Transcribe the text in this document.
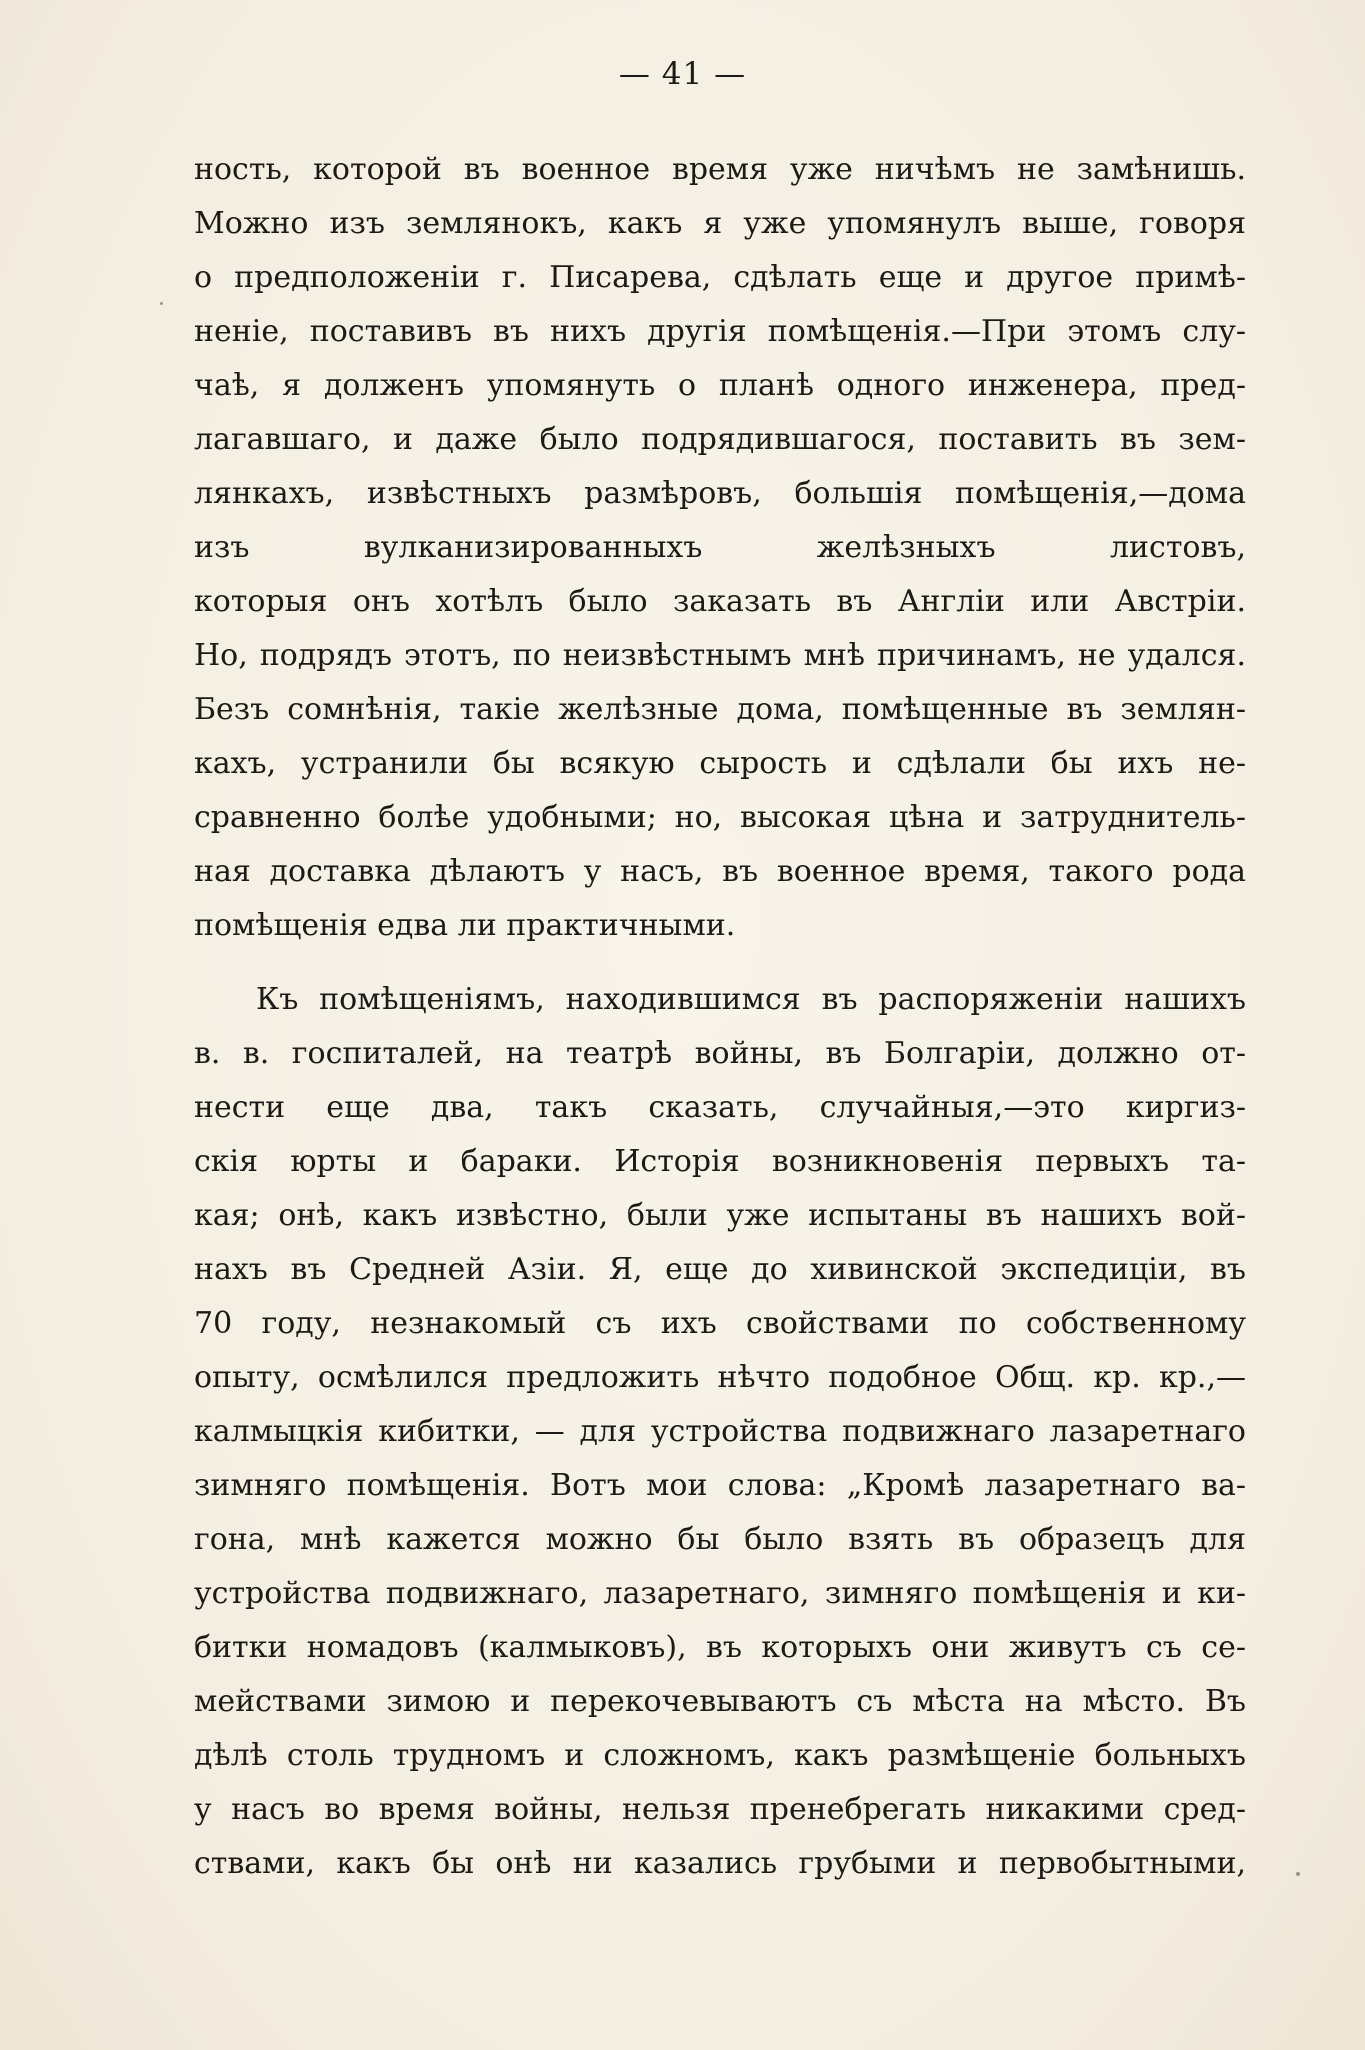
— 41 —
ность, которой въ военное время уже ничѣмъ не замѣнишь.
Можно изъ землянокъ, какъ я уже упомянулъ выше, говоря
о предположеніи г. Писарева, сдѣлать еще и другое примѣ-
неніе, поставивъ въ нихъ другія помѣщенія.—При этомъ слу-
чаѣ, я долженъ упомянуть о планѣ одного инженера, пред-
лагавшаго, и даже было подрядившагося, поставить въ зем-
лянкахъ, извѣстныхъ размѣровъ, большія помѣщенія,—дома
изъ вулканизированныхъ желѣзныхъ листовъ,
которыя онъ хотѣлъ было заказать въ Англіи или Австріи.
Но, подрядъ этотъ, по неизвѣстнымъ мнѣ причинамъ, не удался.
Безъ сомнѣнія, такіе желѣзные дома, помѣщенные въ землян-
кахъ, устранили бы всякую сырость и сдѣлали бы ихъ не-
сравненно болѣе удобными; но, высокая цѣна и затруднитель-
ная доставка дѣлаютъ у насъ, въ военное время, такого рода
помѣщенія едва ли практичными.
Къ помѣщеніямъ, находившимся въ распоряженіи нашихъ
в. в. госпиталей, на театрѣ войны, въ Болгаріи, должно от-
нести еще два, такъ сказать, случайныя,—это киргиз-
скія юрты и бараки. Исторія возникновенія первыхъ та-
кая; онѣ, какъ извѣстно, были уже испытаны въ нашихъ вой-
нахъ въ Средней Азіи. Я, еще до хивинской экспедиціи, въ
70 году, незнакомый съ ихъ свойствами по собственному
опыту, осмѣлился предложить нѣчто подобное Общ. кр. кр.,—
калмыцкія кибитки, — для устройства подвижнаго лазаретнаго
зимняго помѣщенія. Вотъ мои слова: „Кромѣ лазаретнаго ва-
гона, мнѣ кажется можно бы было взять въ образецъ для
устройства подвижнаго, лазаретнаго, зимняго помѣщенія и ки-
битки номадовъ (калмыковъ), въ которыхъ они живутъ съ се-
мействами зимою и перекочевываютъ съ мѣста на мѣсто. Въ
дѣлѣ столь трудномъ и сложномъ, какъ размѣщеніе больныхъ
у насъ во время войны, нельзя пренебрегать никакими сред-
ствами, какъ бы онѣ ни казались грубыми и первобытными,
